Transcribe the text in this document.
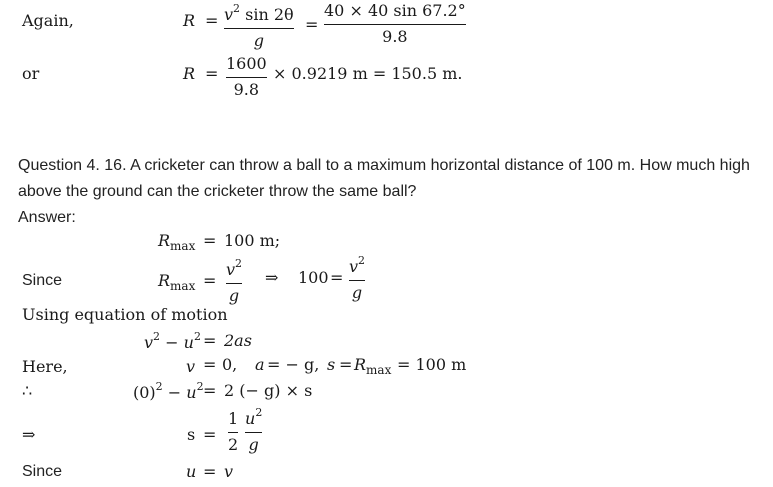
Again,	$R = v^2$ sin 2θ
g
=
40 × 40 sin 67.2°
9.8
or	R =
1600
9.8
× 0.9219 m = 150.5 m.
Question 4. 16. A cricketer can throw a ball to a maximum horizontal distance of 100 m. How much high
above the ground can the cricketer throw the same ball?
Answer:
$R_{max} = 100$ m;
Since	$R_{max}$ =
$v^2$
g
⇒ 100 =
$v^2$
g
Using equation of motion
$v^2 - u^2 = 2as$
Here,	v = 0, a = − g, $s = R_{max} = 100$ m
∴	$(0)^2 - u^2 = 2$ (− g) × s
⇒	s =
1
2
$u^2$
g
Since	u = v
